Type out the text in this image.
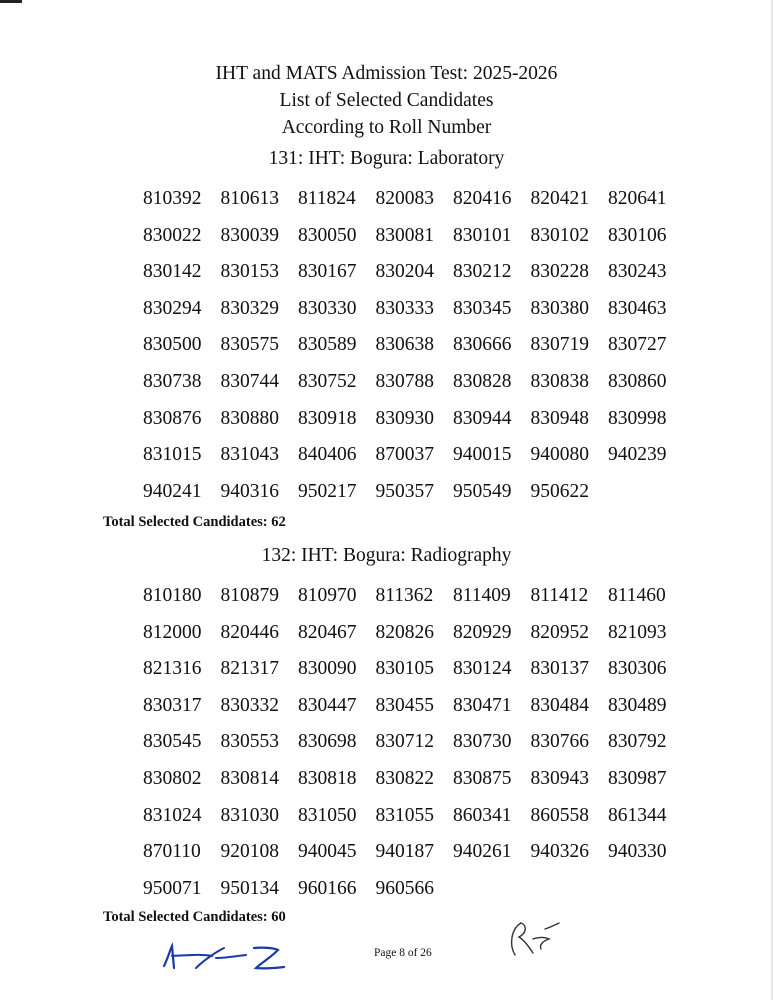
IHT and MATS Admission Test: 2025-2026
List of Selected Candidates
According to Roll Number
131: IHT: Bogura: Laboratory
810392 810613 811824	820083 820416 820421 820641
830022 830039 830050 830081 830101 830102 830106
830142 830153 830167 830204 830212 830228 830243
830294 830329 830330 830333 830345 830380 830463
830500 830575 830589 830638 830666 830719 830727
830738 830744 830752 830788 830828 830838 830860
830876 830880 830918 830930 830944 830948 830998
831015 831043 840406 870037 940015 940080 940239
940241 940316 950217 950357 950549 950622
Total Selected Candidates: 62
132: IHT: Bogura: Radiography
810180 810879 810970 811362	811409	811412	811460
812000 820446 820467 820826 820929 820952 821093
821316 821317 830090 830105 830124 830137 830306
830317 830332 830447 830455 830471 830484 830489
830545 830553 830698 830712 830730 830766 830792
830802 830814 830818 830822 830875 830943 830987
831024 831030 831050 831055 860341 860558 861344
870110	920108 940045 940187 940261 940326 940330
950071 950134 960166 960566
Total Selected Candidates: 60
Page 8 of 26
